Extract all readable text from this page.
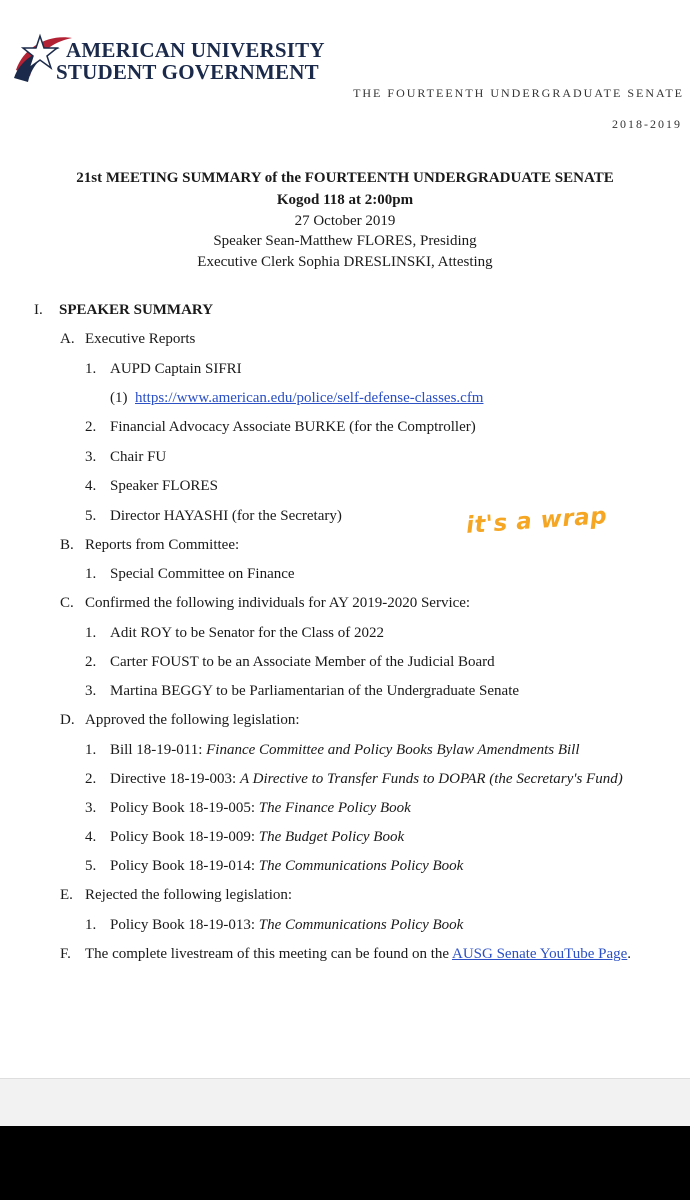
AMERICAN UNIVERSITY
STUDENT GOVERNMENT
THE FOURTEENTH UNDERGRADUATE SENATE
2018-2019
21st MEETING SUMMARY of the FOURTEENTH UNDERGRADUATE SENATE
Kogod 118 at 2:00pm
27 October 2019
Speaker Sean-Matthew FLORES, Presiding
Executive Clerk Sophia DRESLINSKI, Attesting
I. SPEAKER SUMMARY
A. Executive Reports
1. AUPD Captain SIFRI
(1) https://www.american.edu/police/self-defense-classes.cfm
2. Financial Advocacy Associate BURKE (for the Comptroller)
3. Chair FU
4. Speaker FLORES
5. Director HAYASHI (for the Secretary)
B. Reports from Committee:
1. Special Committee on Finance
C. Confirmed the following individuals for AY 2019-2020 Service:
1. Adit ROY to be Senator for the Class of 2022
2. Carter FOUST to be an Associate Member of the Judicial Board
3. Martina BEGGY to be Parliamentarian of the Undergraduate Senate
D. Approved the following legislation:
1. Bill 18-19-011: Finance Committee and Policy Books Bylaw Amendments Bill
2. Directive 18-19-003: A Directive to Transfer Funds to DOPAR (the Secretary's Fund)
3. Policy Book 18-19-005: The Finance Policy Book
4. Policy Book 18-19-009: The Budget Policy Book
5. Policy Book 18-19-014: The Communications Policy Book
E. Rejected the following legislation:
1. Policy Book 18-19-013: The Communications Policy Book
F. The complete livestream of this meeting can be found on the AUSG Senate YouTube Page.
it's a wrap
